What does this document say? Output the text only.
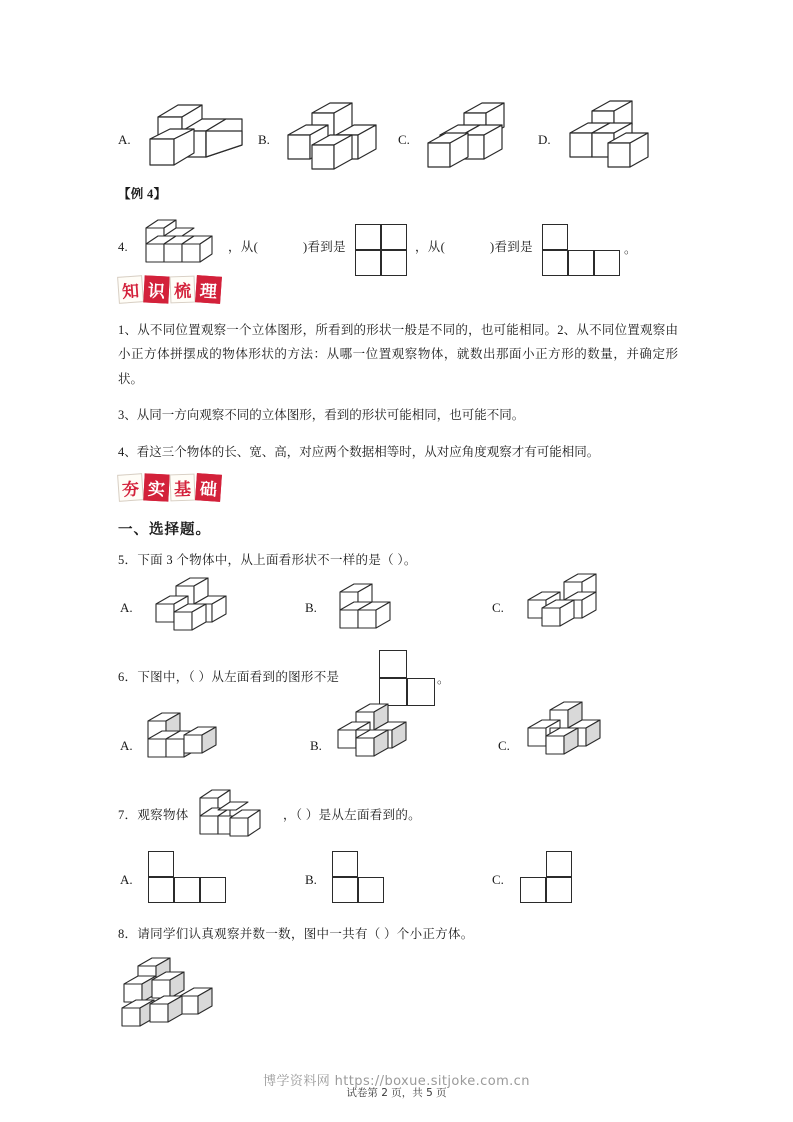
A.	B.	C.	D.
【例 4】
4.	，从(	)看到是	，从(	)看到是	。
知 识 梳 理

1、从不同位置观察一个立体图形，所看到的形状一般是不同的，也可能相同。2、从不同位置观察由小正方体拼摆成的物体形状的方法：从哪一位置观察物体，就数出那面小正方形的数量，并确定形状。

3、从同一方向观察不同的立体图形，看到的形状可能相同，也可能不同。

4、看这三个物体的长、宽、高，对应两个数据相等时，从对应角度观察才有可能相同。

夯 实 基 础
一、选择题。
5．下面 3 个物体中，从上面看形状不一样的是（ ）。
A.	B.	C.
6．下图中，（ ）从左面看到的图形不是	。
A.	B.	C.
7．观察物体	，（ ）是从左面看到的。
A.	B.	C.
8．请同学们认真观察并数一数，图中一共有（ ）个小正方体。
博学资料网 https://boxue.sitjoke.com.cn
试卷第 2 页，共 5 页
